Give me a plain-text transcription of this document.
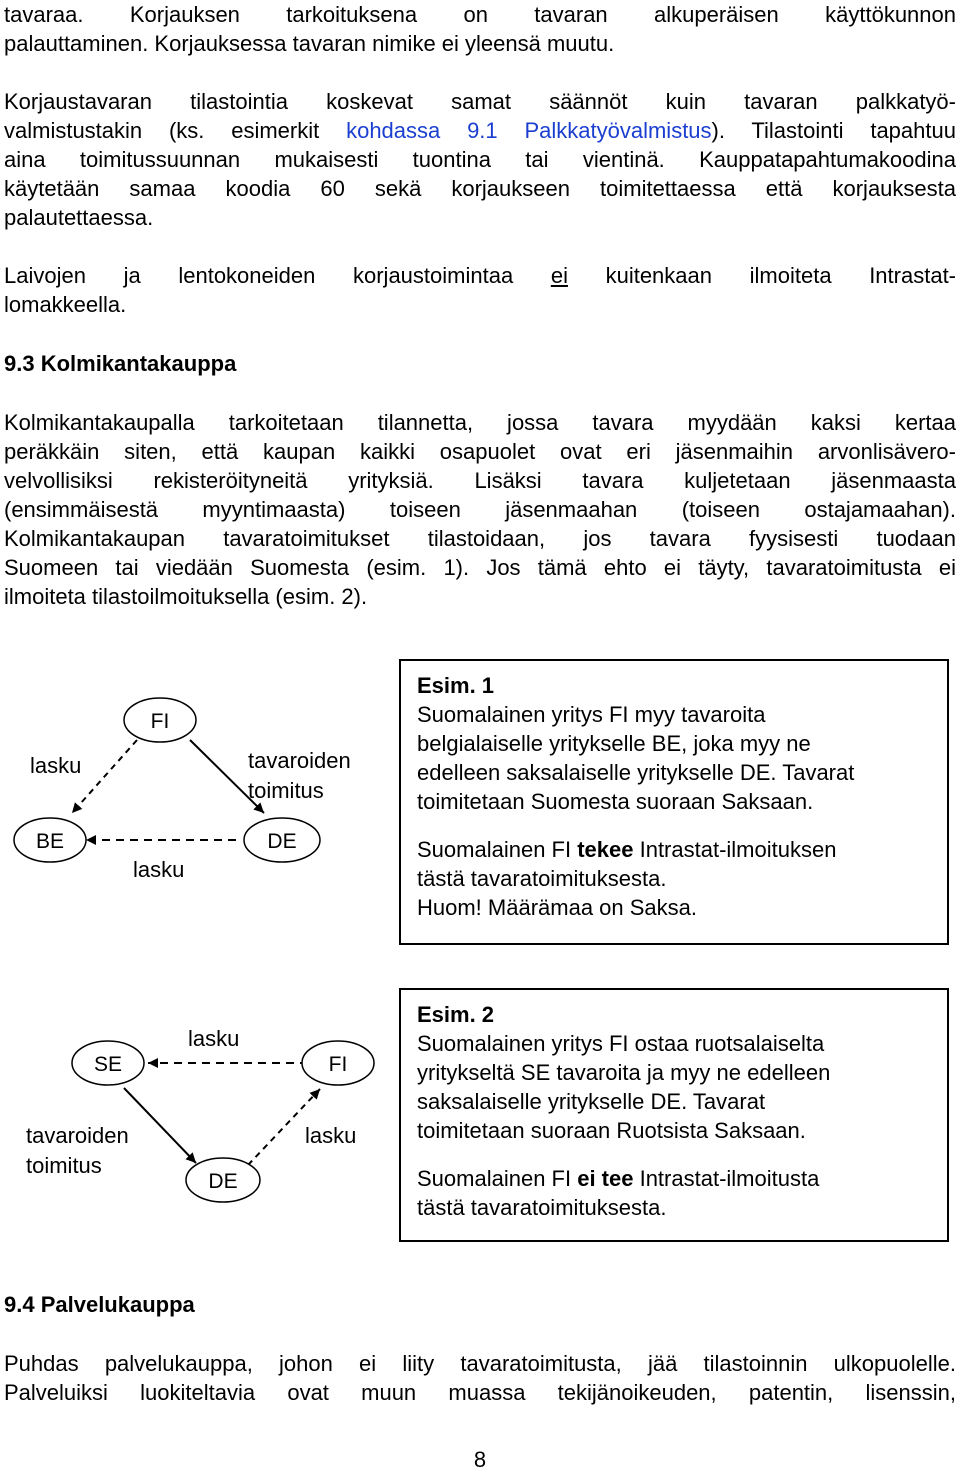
tavaraa. Korjauksen tarkoituksena on tavaran alkuperäisen käyttökunnon
palauttaminen. Korjauksessa tavaran nimike ei yleensä muutu.
Korjaustavaran tilastointia koskevat samat säännöt kuin tavaran palkkatyö-
valmistustakin (ks. esimerkit kohdassa 9.1 Palkkatyövalmistus). Tilastointi tapahtuu
aina toimitussuunnan mukaisesti tuontina tai vientinä. Kauppatapahtumakoodina
käytetään samaa koodia 60 sekä korjaukseen toimitettaessa että korjauksesta
palautettaessa.
Laivojen ja lentokoneiden korjaustoimintaa ei kuitenkaan ilmoiteta Intrastat-
lomakkeella.
9.3 Kolmikantakauppa
Kolmikantakaupalla tarkoitetaan tilannetta, jossa tavara myydään kaksi kertaa
peräkkäin siten, että kaupan kaikki osapuolet ovat eri jäsenmaihin arvonlisävero-
velvollisiksi rekisteröityneitä yrityksiä. Lisäksi tavara kuljetetaan jäsenmaasta
(ensimmäisestä myyntimaasta) toiseen jäsenmaahan (toiseen ostajamaahan).
Kolmikantakaupan tavaratoimitukset tilastoidaan, jos tavara fyysisesti tuodaan
Suomeen tai viedään Suomesta (esim. 1). Jos tämä ehto ei täyty, tavaratoimitusta ei
ilmoiteta tilastoilmoituksella (esim. 2).
FI
BE	DE
lasku
lasku
tavaroiden
toimitus
Esim. 1
Suomalainen yritys FI myy tavaroita
belgialaiselle yritykselle BE, joka myy ne
edelleen saksalaiselle yritykselle DE. Tavarat
toimitetaan Suomesta suoraan Saksaan.
Suomalainen FI tekee Intrastat-ilmoituksen
tästä tavaratoimituksesta.
Huom! Määrämaa on Saksa.
SE	FI
DE
lasku
lasku
tavaroiden
toimitus
Esim. 2
Suomalainen yritys FI ostaa ruotsalaiselta
yritykseltä SE tavaroita ja myy ne edelleen
saksalaiselle yritykselle DE. Tavarat
toimitetaan suoraan Ruotsista Saksaan.
Suomalainen FI ei tee Intrastat-ilmoitusta
tästä tavaratoimituksesta.
9.4 Palvelukauppa
Puhdas palvelukauppa, johon ei liity tavaratoimitusta, jää tilastoinnin ulkopuolelle.
Palveluiksi luokiteltavia ovat muun muassa tekijänoikeuden, patentin, lisenssin,
8
